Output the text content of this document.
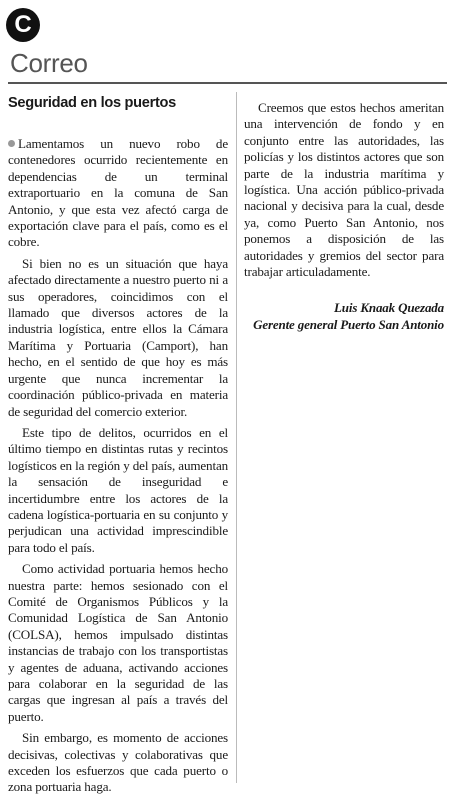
C
Correo
Seguridad en los puertos

Lamentamos un nuevo robo de contenedores ocurrido recientemente en dependencias de un terminal extraportuario en la comuna de San Antonio, y que esta vez afectó carga de exportación clave para el país, como es el cobre.

Si bien no es un situación que haya afectado directamente a nuestro puerto ni a sus operadores, coincidimos con el llamado que diversos actores de la industria logística, entre ellos la Cámara Marítima y Portuaria (Camport), han hecho, en el sentido de que hoy es más urgente que nunca incrementar la coordinación público-privada en materia de seguridad del comercio exterior.

Este tipo de delitos, ocurridos en el último tiempo en distintas rutas y recintos logísticos en la región y del país, aumentan la sensación de inseguridad e incertidumbre entre los actores de la cadena logística-portuaria en su conjunto y perjudican una actividad imprescindible para todo el país.

Como actividad portuaria hemos hecho nuestra parte: hemos sesionado con el Comité de Organismos Públicos y la Comunidad Logística de San Antonio (COLSA), hemos impulsado distintas instancias de trabajo con los transportistas y agentes de aduana, activando acciones para colaborar en la seguridad de las cargas que ingresan al país a través del puerto.

Sin embargo, es momento de acciones decisivas, colectivas y colaborativas que exceden los esfuerzos que cada puerto o zona portuaria haga.

Creemos que estos hechos ameritan una intervención de fondo y en conjunto entre las autoridades, las policías y los distintos actores que son parte de la industria marítima y logística. Una acción público-privada nacional y decisiva para la cual, desde ya, como Puerto San Antonio, nos ponemos a disposición de las autoridades y gremios del sector para trabajar articuladamente.

Luis Knaak Quezada
Gerente general Puerto San Antonio
